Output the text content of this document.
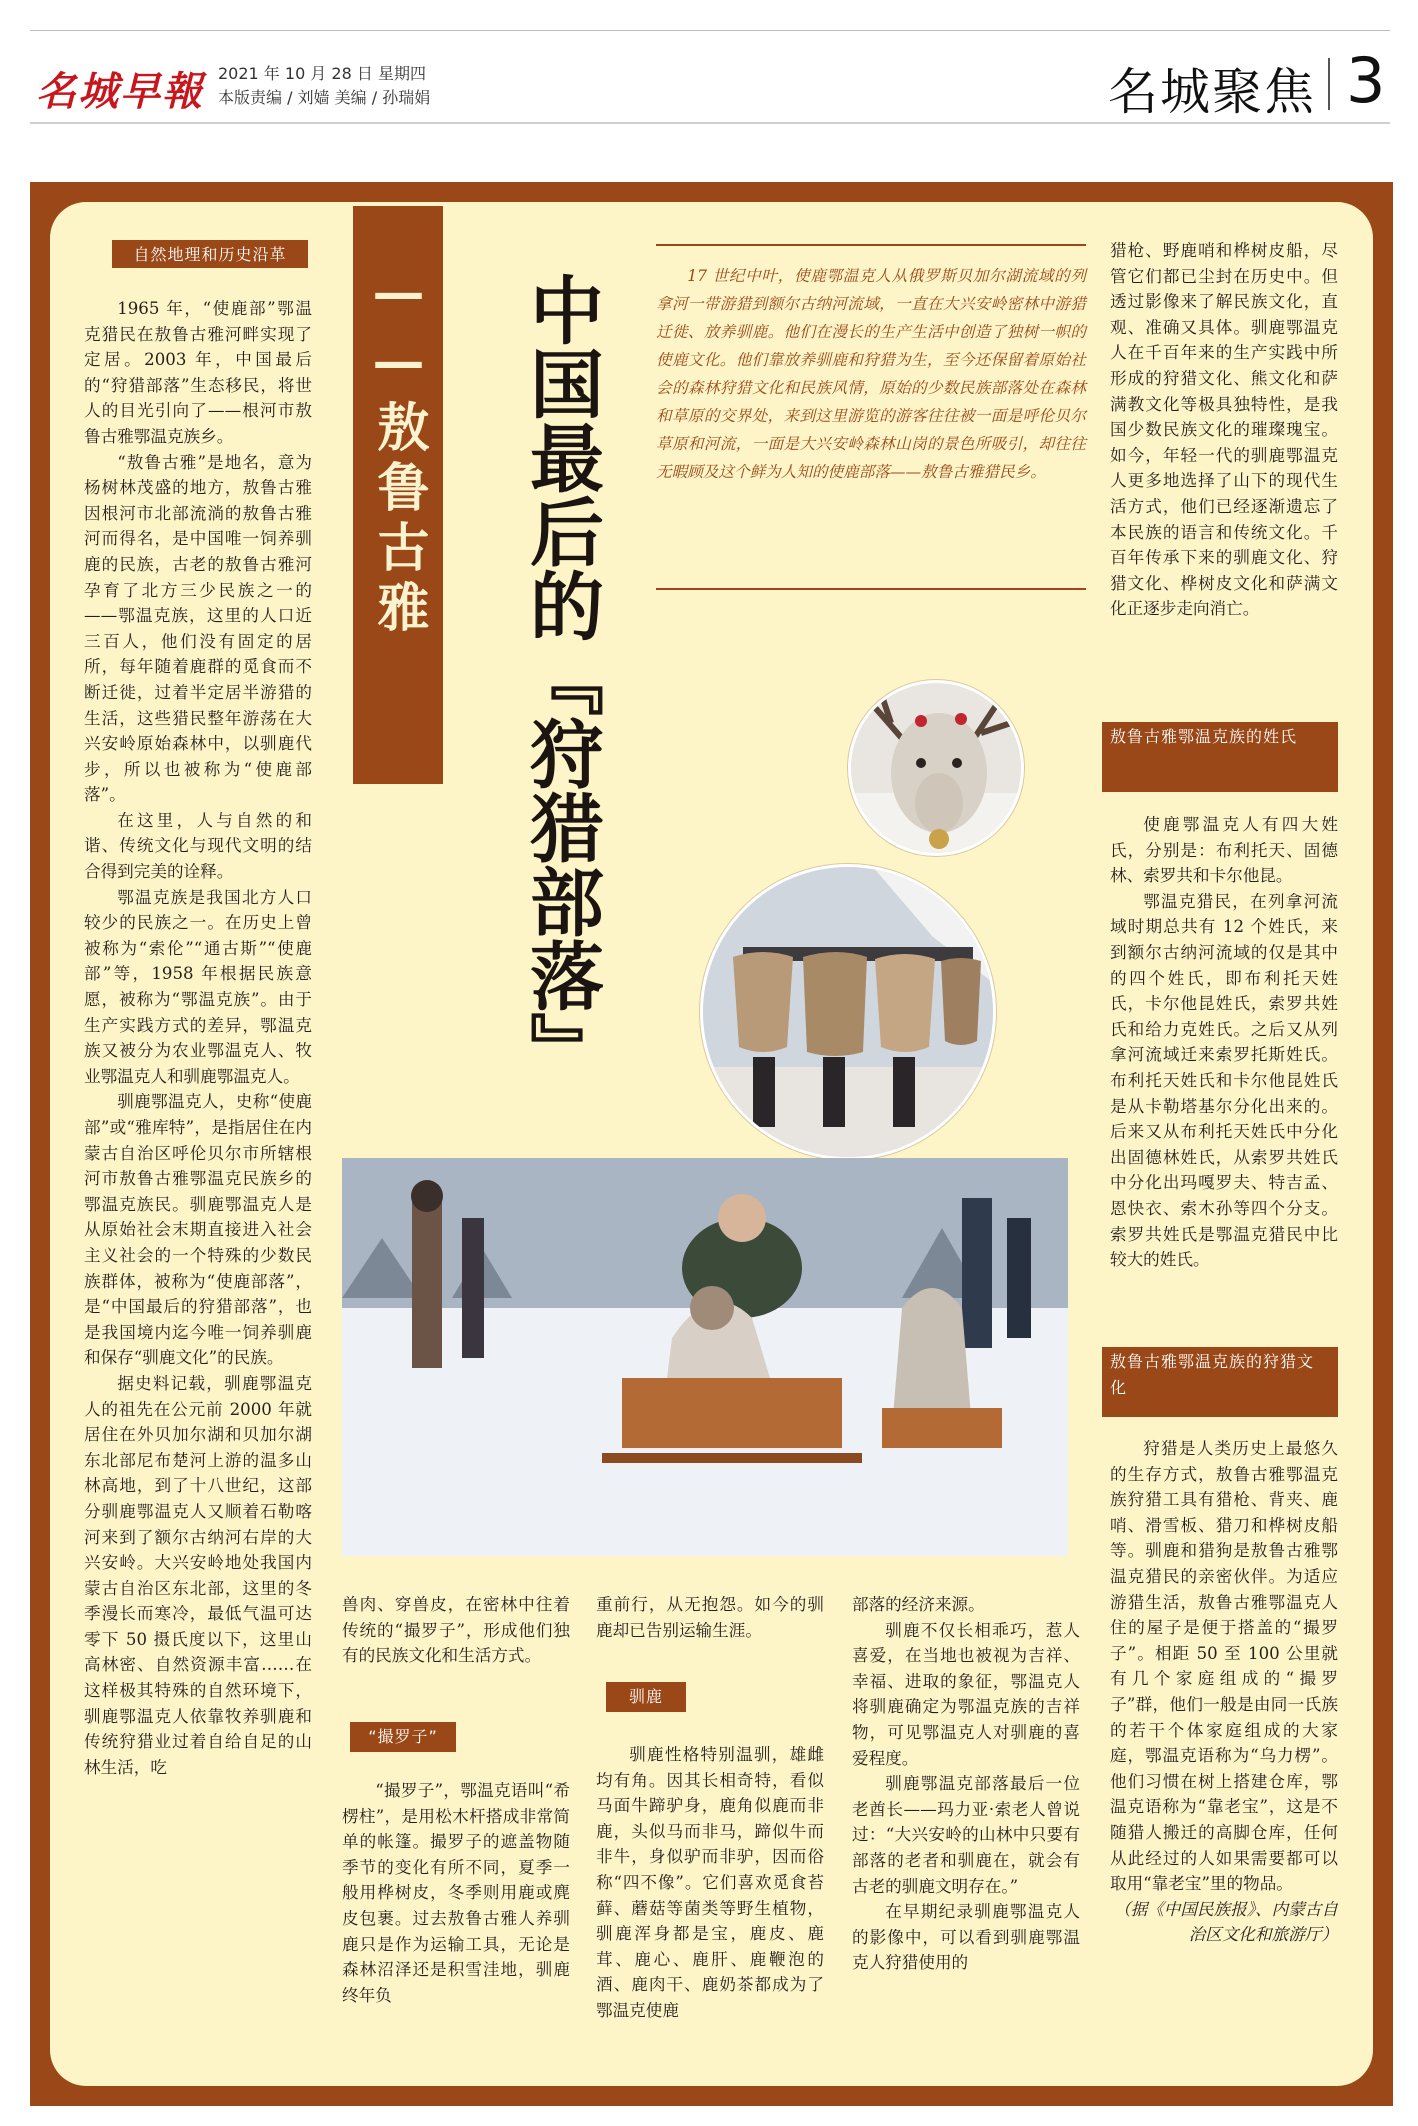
名城早報 2021 年 10 月 28 日 星期四
本版责编 / 刘嫱 美编 / 孙瑞娟	名城聚焦 3
自然地理和历史沿革

1965 年，“使鹿部”鄂温克猎民在敖鲁古雅河畔实现了定居。2003 年，中国最后的“狩猎部落”生态移民，将世人的目光引向了——根河市敖鲁古雅鄂温克族乡。

“敖鲁古雅”是地名，意为杨树林茂盛的地方，敖鲁古雅因根河市北部流淌的敖鲁古雅河而得名，是中国唯一饲养驯鹿的民族，古老的敖鲁古雅河孕育了北方三少民族之一的——鄂温克族，这里的人口近三百人，他们没有固定的居所，每年随着鹿群的觅食而不断迁徙，过着半定居半游猎的生活，这些猎民整年游荡在大兴安岭原始森林中，以驯鹿代步，所以也被称为“使鹿部落”。

在这里，人与自然的和谐、传统文化与现代文明的结合得到完美的诠释。

鄂温克族是我国北方人口较少的民族之一。在历史上曾被称为“索伦”“通古斯”“使鹿部”等，1958 年根据民族意愿，被称为“鄂温克族”。由于生产实践方式的差异，鄂温克族又被分为农业鄂温克人、牧业鄂温克人和驯鹿鄂温克人。

驯鹿鄂温克人，史称“使鹿部”或“雅库特”，是指居住在内蒙古自治区呼伦贝尔市所辖根河市敖鲁古雅鄂温克民族乡的鄂温克族民。驯鹿鄂温克人是从原始社会末期直接进入社会主义社会的一个特殊的少数民族群体，被称为“使鹿部落”，是“中国最后的狩猎部落”，也是我国境内迄今唯一饲养驯鹿和保存“驯鹿文化”的民族。

据史料记载，驯鹿鄂温克人的祖先在公元前 2000 年就居住在外贝加尔湖和贝加尔湖东北部尼布楚河上游的温多山林高地，到了十八世纪，这部分驯鹿鄂温克人又顺着石勒喀河来到了额尔古纳河右岸的大兴安岭。大兴安岭地处我国内蒙古自治区东北部，这里的冬季漫长而寒冷，最低气温可达零下 50 摄氏度以下，这里山高林密、自然资源丰富……在这样极其特殊的自然环境下，驯鹿鄂温克人依靠牧养驯鹿和传统狩猎业过着自给自足的山林生活，吃

——敖鲁古雅 中国最后的『狩猎部落』	17 世纪中叶，使鹿鄂温克人从俄罗斯贝加尔湖流域的列拿河一带游猎到额尔古纳河流域，一直在大兴安岭密林中游猎迁徙、放养驯鹿。他们在漫长的生产生活中创造了独树一帜的使鹿文化。他们靠放养驯鹿和狩猎为生，至今还保留着原始社会的森林狩猎文化和民族风情，原始的少数民族部落处在森林和草原的交界处，来到这里游览的游客往往被一面是呼伦贝尔草原和河流，一面是大兴安岭森林山岗的景色所吸引，却往往无暇顾及这个鲜为人知的使鹿部落——敖鲁古雅猎民乡。

兽肉、穿兽皮，在密林中往着传统的“撮罗子”，形成他们独有的民族文化和生活方式。

“撮罗子”

“撮罗子”，鄂温克语叫“希楞柱”，是用松木杆搭成非常简单的帐篷。撮罗子的遮盖物随季节的变化有所不同，夏季一般用桦树皮，冬季则用鹿或麂皮包裹。过去敖鲁古雅人养驯鹿只是作为运输工具，无论是森林沼泽还是积雪洼地，驯鹿终年负

重前行，从无抱怨。如今的驯鹿却已告别运输生涯。

驯鹿

驯鹿性格特别温驯，雄雌均有角。因其长相奇特，看似马面牛蹄驴身，鹿角似鹿而非鹿，头似马而非马，蹄似牛而非牛，身似驴而非驴，因而俗称“四不像”。它们喜欢觅食苔藓、蘑菇等菌类等野生植物，驯鹿浑身都是宝，鹿皮、鹿茸、鹿心、鹿肝、鹿鞭泡的酒、鹿肉干、鹿奶茶都成为了鄂温克使鹿

部落的经济来源。

驯鹿不仅长相乖巧，惹人喜爱，在当地也被视为吉祥、幸福、进取的象征，鄂温克人将驯鹿确定为鄂温克族的吉祥物，可见鄂温克人对驯鹿的喜爱程度。

驯鹿鄂温克部落最后一位老酋长——玛力亚·索老人曾说过：“大兴安岭的山林中只要有部落的老者和驯鹿在，就会有古老的驯鹿文明存在。”

在早期纪录驯鹿鄂温克人的影像中，可以看到驯鹿鄂温克人狩猎使用的

猎枪、野鹿哨和桦树皮船，尽管它们都已尘封在历史中。但透过影像来了解民族文化，直观、准确又具体。驯鹿鄂温克人在千百年来的生产实践中所形成的狩猎文化、熊文化和萨满教文化等极具独特性，是我国少数民族文化的璀璨瑰宝。如今，年轻一代的驯鹿鄂温克人更多地选择了山下的现代生活方式，他们已经逐渐遗忘了本民族的语言和传统文化。千百年传承下来的驯鹿文化、狩猎文化、桦树皮文化和萨满文化正逐步走向消亡。

敖鲁古雅鄂温克族的姓氏

使鹿鄂温克人有四大姓氏，分别是：布利托天、固德林、索罗共和卡尔他昆。

鄂温克猎民，在列拿河流域时期总共有 12 个姓氏，来到额尔古纳河流域的仅是其中的四个姓氏，即布利托天姓氏，卡尔他昆姓氏，索罗共姓氏和给力克姓氏。之后又从列拿河流域迁来索罗托斯姓氏。布利托天姓氏和卡尔他昆姓氏是从卡勒塔基尔分化出来的。后来又从布利托天姓氏中分化出固德林姓氏，从索罗共姓氏中分化出玛嘎罗夫、特吉孟、恩快衣、索木孙等四个分支。索罗共姓氏是鄂温克猎民中比较大的姓氏。

敖鲁古雅鄂温克族的狩猎文化

狩猎是人类历史上最悠久的生存方式，敖鲁古雅鄂温克族狩猎工具有猎枪、背夹、鹿哨、滑雪板、猎刀和桦树皮船等。驯鹿和猎狗是敖鲁古雅鄂温克猎民的亲密伙伴。为适应游猎生活，敖鲁古雅鄂温克人住的屋子是便于搭盖的“撮罗子”。相距 50 至 100 公里就有几个家庭组成的“撮罗子”群，他们一般是由同一氏族的若干个体家庭组成的大家庭，鄂温克语称为“乌力楞”。他们习惯在树上搭建仓库，鄂温克语称为“靠老宝”，这是不随猎人搬迁的高脚仓库，任何从此经过的人如果需要都可以取用“靠老宝”里的物品。

（据《中国民族报》、内蒙古自治区文化和旅游厅）
